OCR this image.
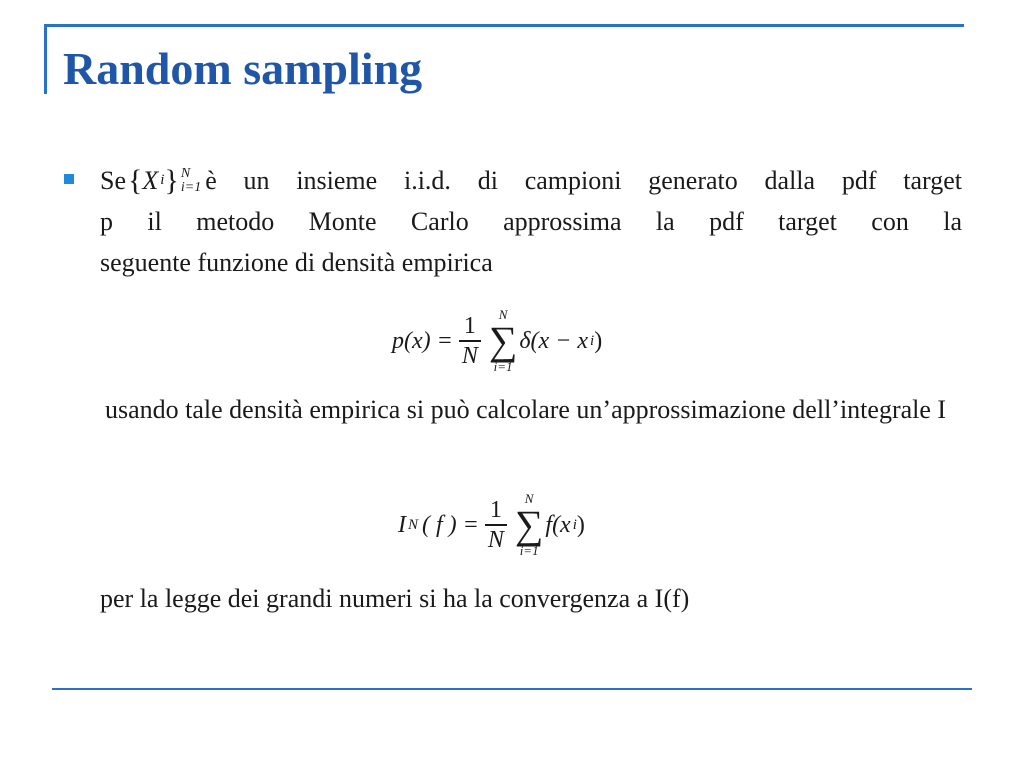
Random sampling
Se { X i } N
i=1 è un insieme i.i.d. di campioni generato dalla pdf target
p il metodo Monte Carlo approssima la pdf target con la
seguente funzione di densità empirica
$p(x) = \frac{1}{N}$ N
∑
i=1
δ (x − x i )
usando tale densità empirica si può calcolare un’approssimazione dell’integrale I
I N ( f ) = $\frac{1}{N}$ N
∑
i=1
f (x i )
per la legge dei grandi numeri si ha la convergenza a I(f)
